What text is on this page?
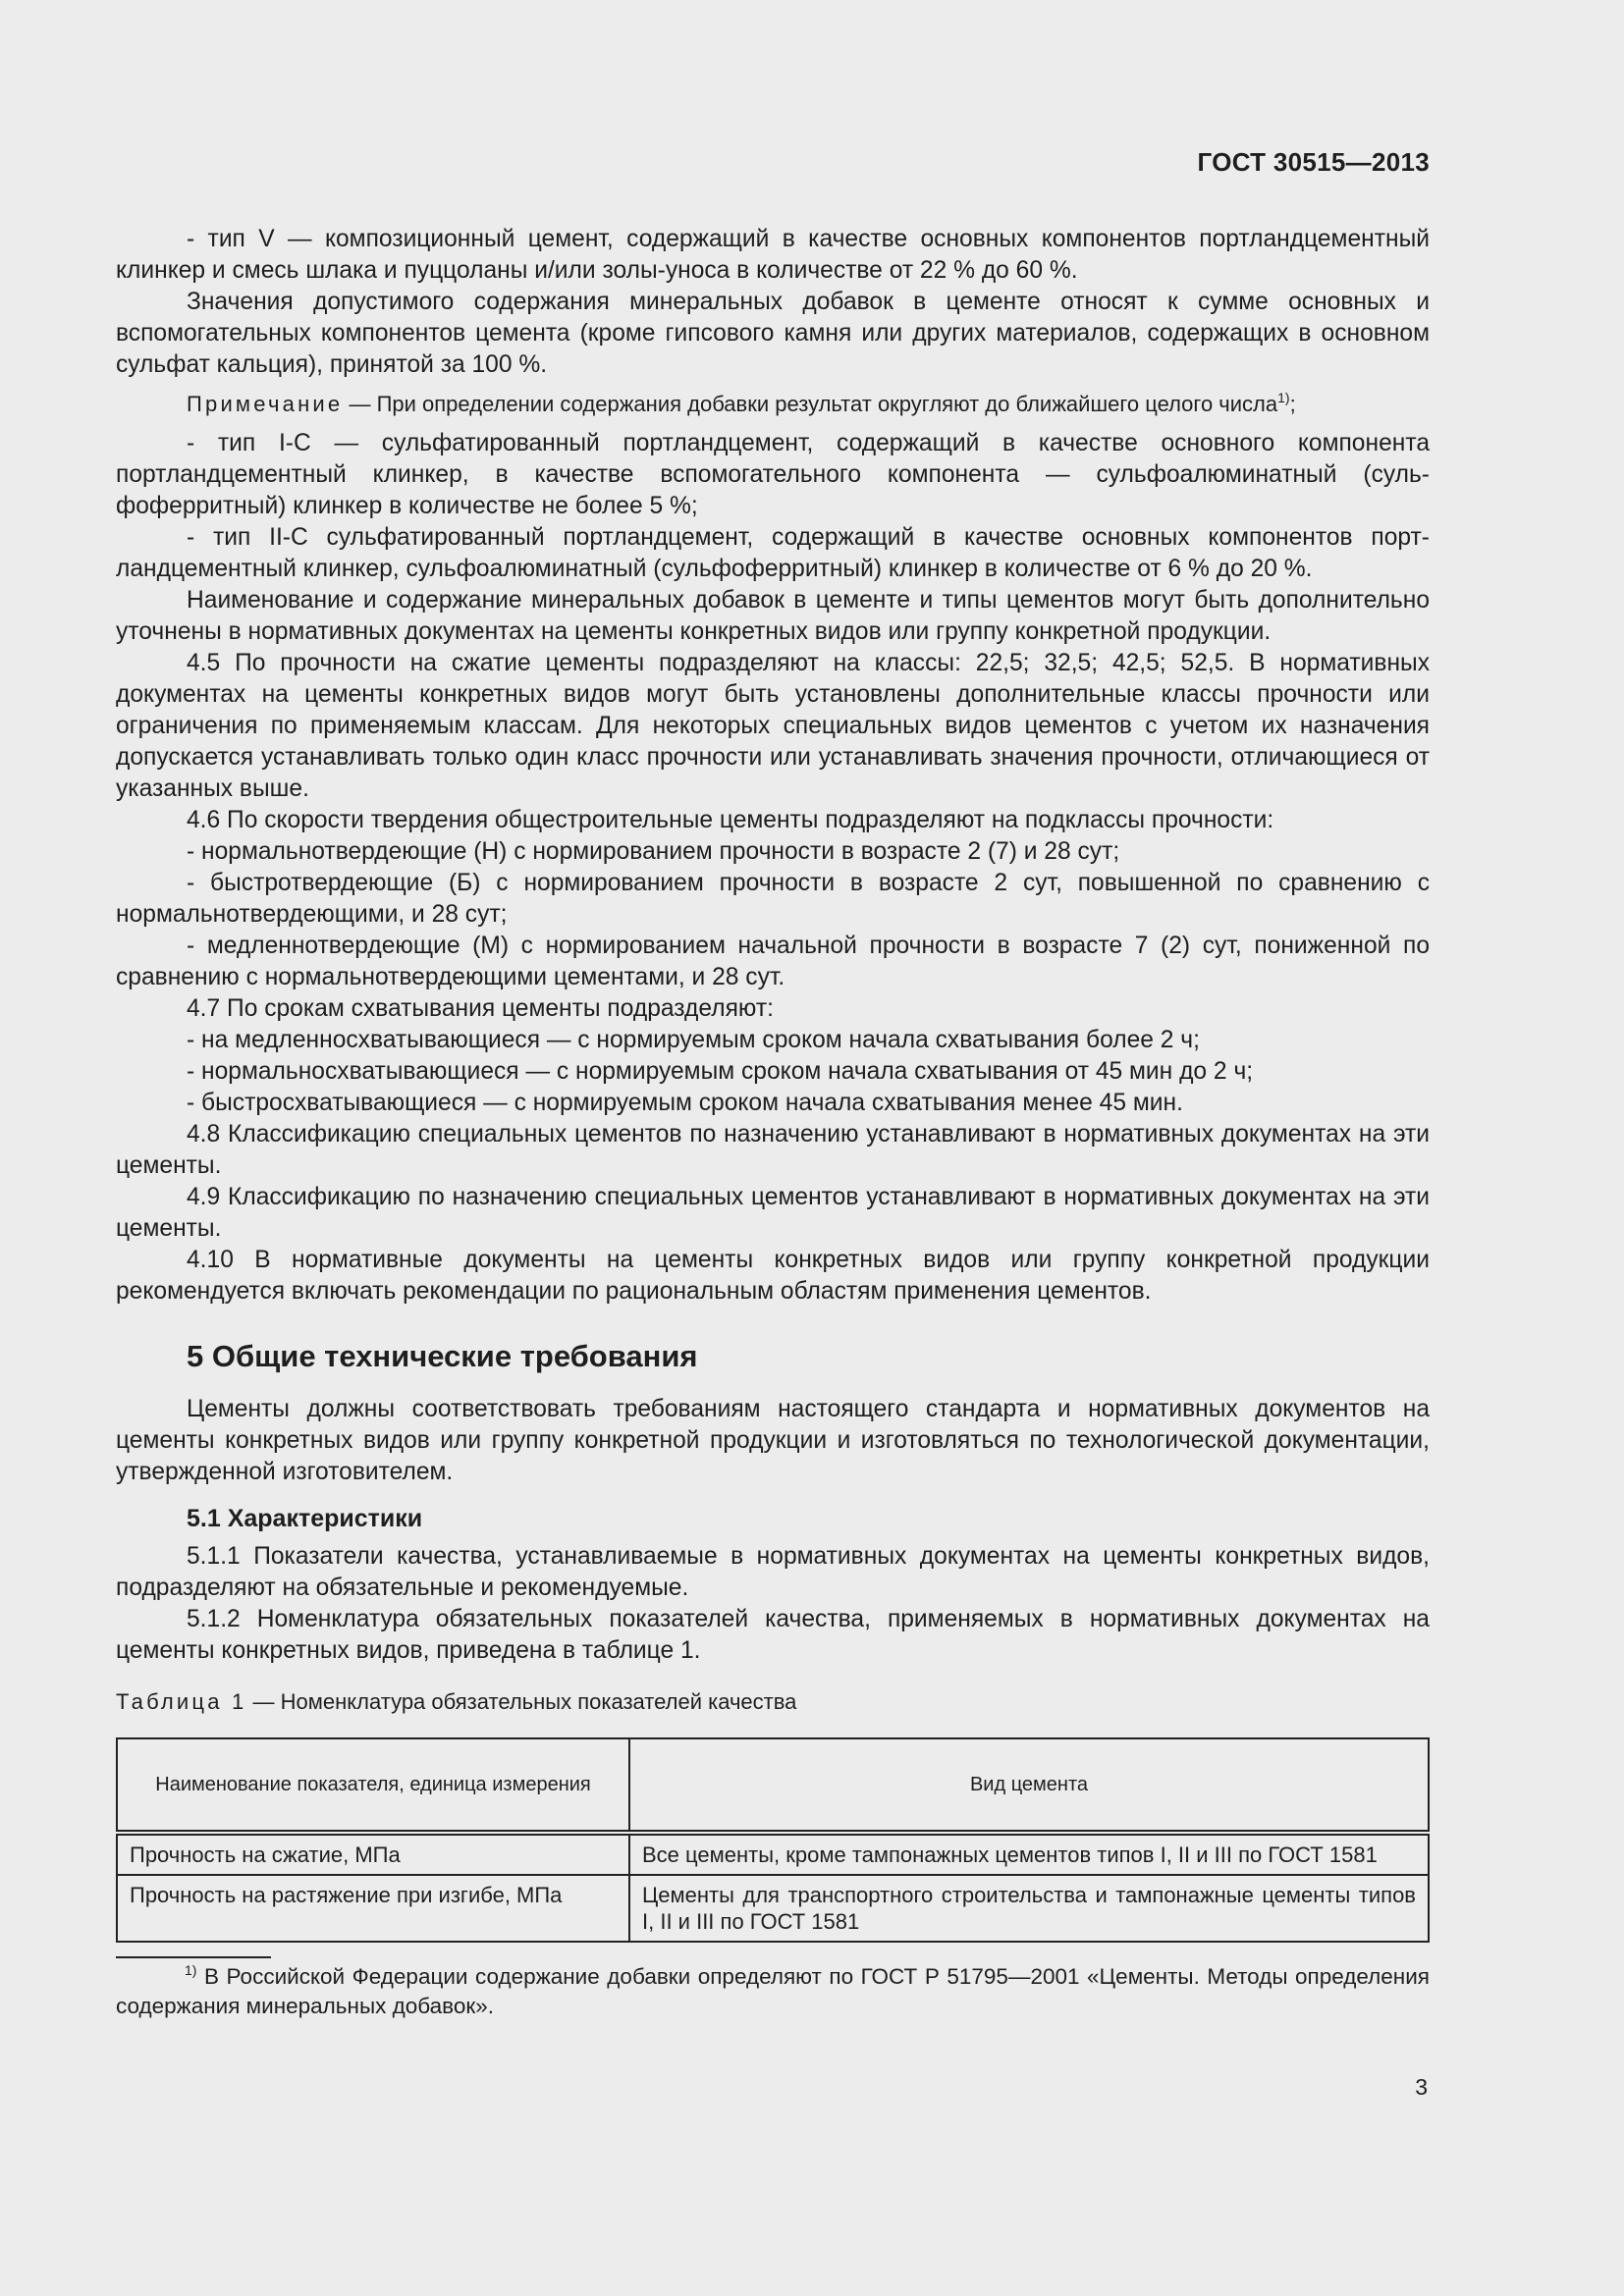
ГОСТ 30515—2013

- тип V — композиционный цемент, содержащий в качестве основных компонентов портландцементный клинкер и смесь шлака и пуццоланы и/или золы-уноса в количестве от 22 % до 60 %.

Значения допустимого содержания минеральных добавок в цементе относят к сумме основных и вспомогательных компонентов цемента (кроме гипсового камня или других материалов, содержащих в основном сульфат кальция), принятой за 100 %.

Примечание — При определении содержания добавки результат округляют до ближайшего целого числа$^{1)}$;

- тип I-С — сульфатированный портландцемент, содержащий в качестве основного компонента портландцементный клинкер, в качестве вспомогательного компонента — сульфоалюминатный (сульфоферритный) клинкер в количестве не более 5 %;

- тип II-С сульфатированный портландцемент, содержащий в качестве основных компонентов портландцементный клинкер, сульфоалюминатный (сульфоферритный) клинкер в количестве от 6 % до 20 %.

Наименование и содержание минеральных добавок в цементе и типы цементов могут быть дополнительно уточнены в нормативных документах на цементы конкретных видов или группу конкретной продукции.

4.5 По прочности на сжатие цементы подразделяют на классы: 22,5; 32,5; 42,5; 52,5. В нормативных документах на цементы конкретных видов могут быть установлены дополнительные классы прочности или ограничения по применяемым классам. Для некоторых специальных видов цементов с учетом их назначения допускается устанавливать только один класс прочности или устанавливать значения прочности, отличающиеся от указанных выше.

4.6 По скорости твердения общестроительные цементы подразделяют на подклассы прочности:

- нормальнотвердеющие (Н) с нормированием прочности в возрасте 2 (7) и 28 сут;

- быстротвердеющие (Б) с нормированием прочности в возрасте 2 сут, повышенной по сравнению с нормальнотвердеющими, и 28 сут;

- медленнотвердеющие (М) с нормированием начальной прочности в возрасте 7 (2) сут, пониженной по сравнению с нормальнотвердеющими цементами, и 28 сут.

4.7 По срокам схватывания цементы подразделяют:

- на медленносхватывающиеся — с нормируемым сроком начала схватывания более 2 ч;

- нормальносхватывающиеся — с нормируемым сроком начала схватывания от 45 мин до 2 ч;

- быстросхватывающиеся — с нормируемым сроком начала схватывания менее 45 мин.

4.8 Классификацию специальных цементов по назначению устанавливают в нормативных документах на эти цементы.

4.9 Классификацию по назначению специальных цементов устанавливают в нормативных документах на эти цементы.

4.10 В нормативные документы на цементы конкретных видов или группу конкретной продукции рекомендуется включать рекомендации по рациональным областям применения цементов.

5 Общие технические требования

Цементы должны соответствовать требованиям настоящего стандарта и нормативных документов на цементы конкретных видов или группу конкретной продукции и изготовляться по технологической документации, утвержденной изготовителем.

5.1 Характеристики

5.1.1 Показатели качества, устанавливаемые в нормативных документах на цементы конкретных видов, подразделяют на обязательные и рекомендуемые.

5.1.2 Номенклатура обязательных показателей качества, применяемых в нормативных документах на цементы конкретных видов, приведена в таблице 1.

Таблица 1 — Номенклатура обязательных показателей качества
Наименование показателя, единица измерения	Вид цемента
Прочность на сжатие, МПа	Все цементы, кроме тампонажных цементов типов I, II и III по ГОСТ 1581
Прочность на растяжение при изгибе, МПа	Цементы для транспортного строительства и тампонажные цементы типов I, II и III по ГОСТ 1581
$^{1)}$ В Российской Федерации содержание добавки определяют по ГОСТ Р 51795—2001 «Цементы. Методы определения содержания минеральных добавок».
3
